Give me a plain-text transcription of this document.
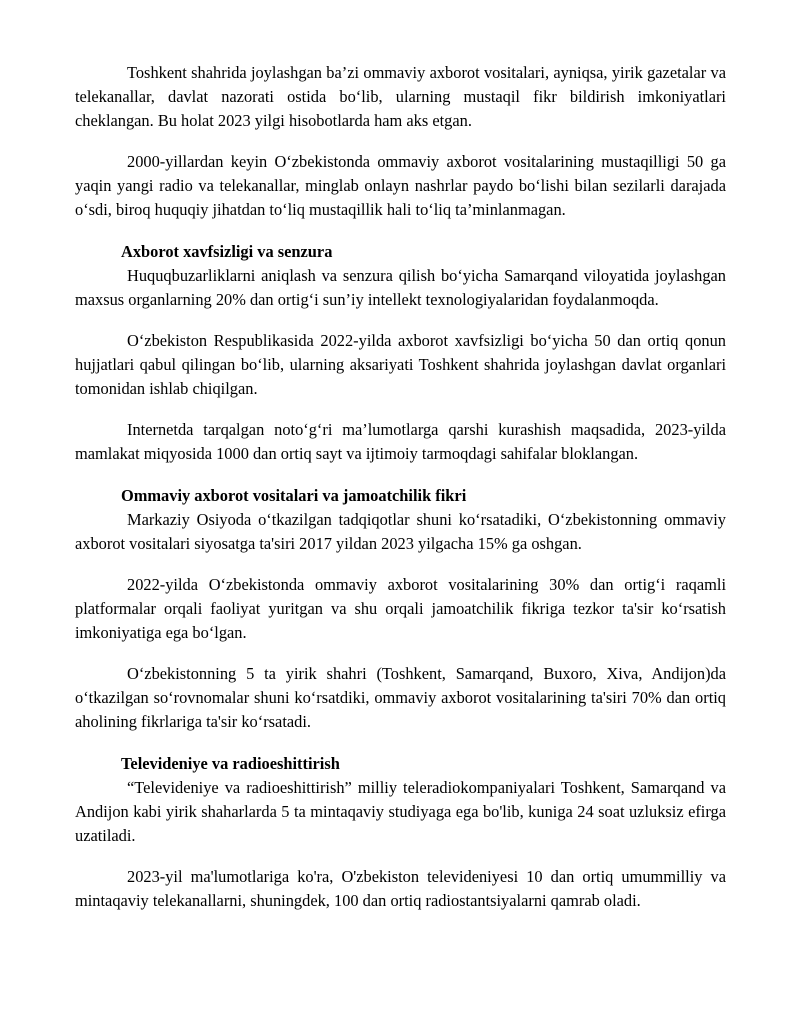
Toshkent shahrida joylashgan ba’zi ommaviy axborot vositalari, ayniqsa, yirik gazetalar va telekanallar, davlat nazorati ostida bo‘lib, ularning mustaqil fikr bildirish imkoniyatlari cheklangan. Bu holat 2023 yilgi hisobotlarda ham aks etgan.

2000-yillardan keyin O‘zbekistonda ommaviy axborot vositalarining mustaqilligi 50 ga yaqin yangi radio va telekanallar, minglab onlayn nashrlar paydo bo‘lishi bilan sezilarli darajada o‘sdi, biroq huquqiy jihatdan to‘liq mustaqillik hali to‘liq ta’minlanmagan.

Axborot xavfsizligi va senzura

Huquqbuzarliklarni aniqlash va senzura qilish bo‘yicha Samarqand viloyatida joylashgan maxsus organlarning 20% dan ortig‘i sun’iy intellekt texnologiyalaridan foydalanmoqda.

O‘zbekiston Respublikasida 2022-yilda axborot xavfsizligi bo‘yicha 50 dan ortiq qonun hujjatlari qabul qilingan bo‘lib, ularning aksariyati Toshkent shahrida joylashgan davlat organlari tomonidan ishlab chiqilgan.

Internetda tarqalgan noto‘g‘ri ma’lumotlarga qarshi kurashish maqsadida, 2023-yilda mamlakat miqyosida 1000 dan ortiq sayt va ijtimoiy tarmoqdagi sahifalar bloklangan.

Ommaviy axborot vositalari va jamoatchilik fikri

Markaziy Osiyoda o‘tkazilgan tadqiqotlar shuni ko‘rsatadiki, O‘zbekistonning ommaviy axborot vositalari siyosatga ta'siri 2017 yildan 2023 yilgacha 15% ga oshgan.

2022-yilda O‘zbekistonda ommaviy axborot vositalarining 30% dan ortig‘i raqamli platformalar orqali faoliyat yuritgan va shu orqali jamoatchilik fikriga tezkor ta'sir ko‘rsatish imkoniyatiga ega bo‘lgan.

O‘zbekistonning 5 ta yirik shahri (Toshkent, Samarqand, Buxoro, Xiva, Andijon)da o‘tkazilgan so‘rovnomalar shuni ko‘rsatdiki, ommaviy axborot vositalarining ta'siri 70% dan ortiq aholining fikrlariga ta'sir ko‘rsatadi.

Televideniye va radioeshittirish

“Televideniye va radioeshittirish” milliy teleradiokompaniyalari Toshkent, Samarqand va Andijon kabi yirik shaharlarda 5 ta mintaqaviy studiyaga ega bo'lib, kuniga 24 soat uzluksiz efirga uzatiladi.

2023-yil ma'lumotlariga ko'ra, O'zbekiston televideniyesi 10 dan ortiq umummilliy va mintaqaviy telekanallarni, shuningdek, 100 dan ortiq radiostantsiyalarni qamrab oladi.
